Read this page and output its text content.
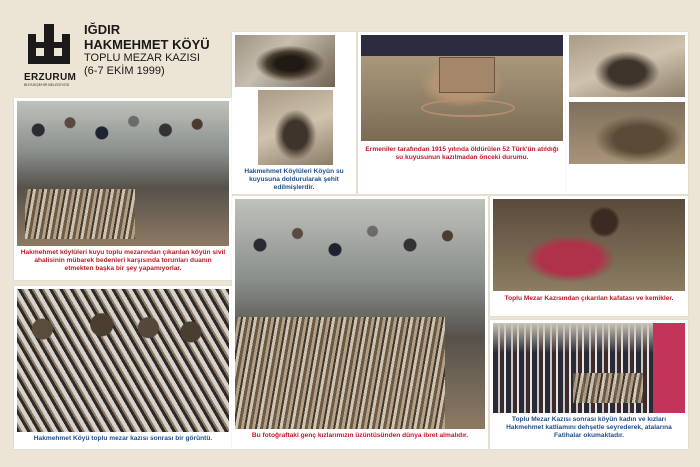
ERZURUM
BÜYÜKŞEHİR BELEDİYESİ
IĞDIR
HAKMEHMET KÖYÜ
TOPLU MEZAR KAZISI
(6-7 EKİM 1999)
Hakmehmet köylüleri kuyu toplu mezarından çıkarılan köyün sivil ahalisinin mübarek bedenleri karşısında torunları duanın etmekten başka bir şey yapamıyorlar.
Hakmehmet Köyü toplu mezar kazısı sonrası bir görüntü.
Hakmehmet Köylüleri Köyün su kuyusuna doldurularak şehit edilmişlerdir.
Ermeniler tarafından 1915 yılında öldürülen 52 Türk'ün atıldığı su kuyusunun kazılmadan önceki durumu.
Bu fotoğraftaki genç kızlarımızın üzüntüsünden dünya ibret almalıdır.
Toplu Mezar Kazısından çıkarılan kafatası ve kemikler.
Toplu Mezar Kazısı sonrası köyün kadın ve kızları Hakmehmet katliamını dehşetle seyrederek, atalarına Fatihalar okumaktadır.
